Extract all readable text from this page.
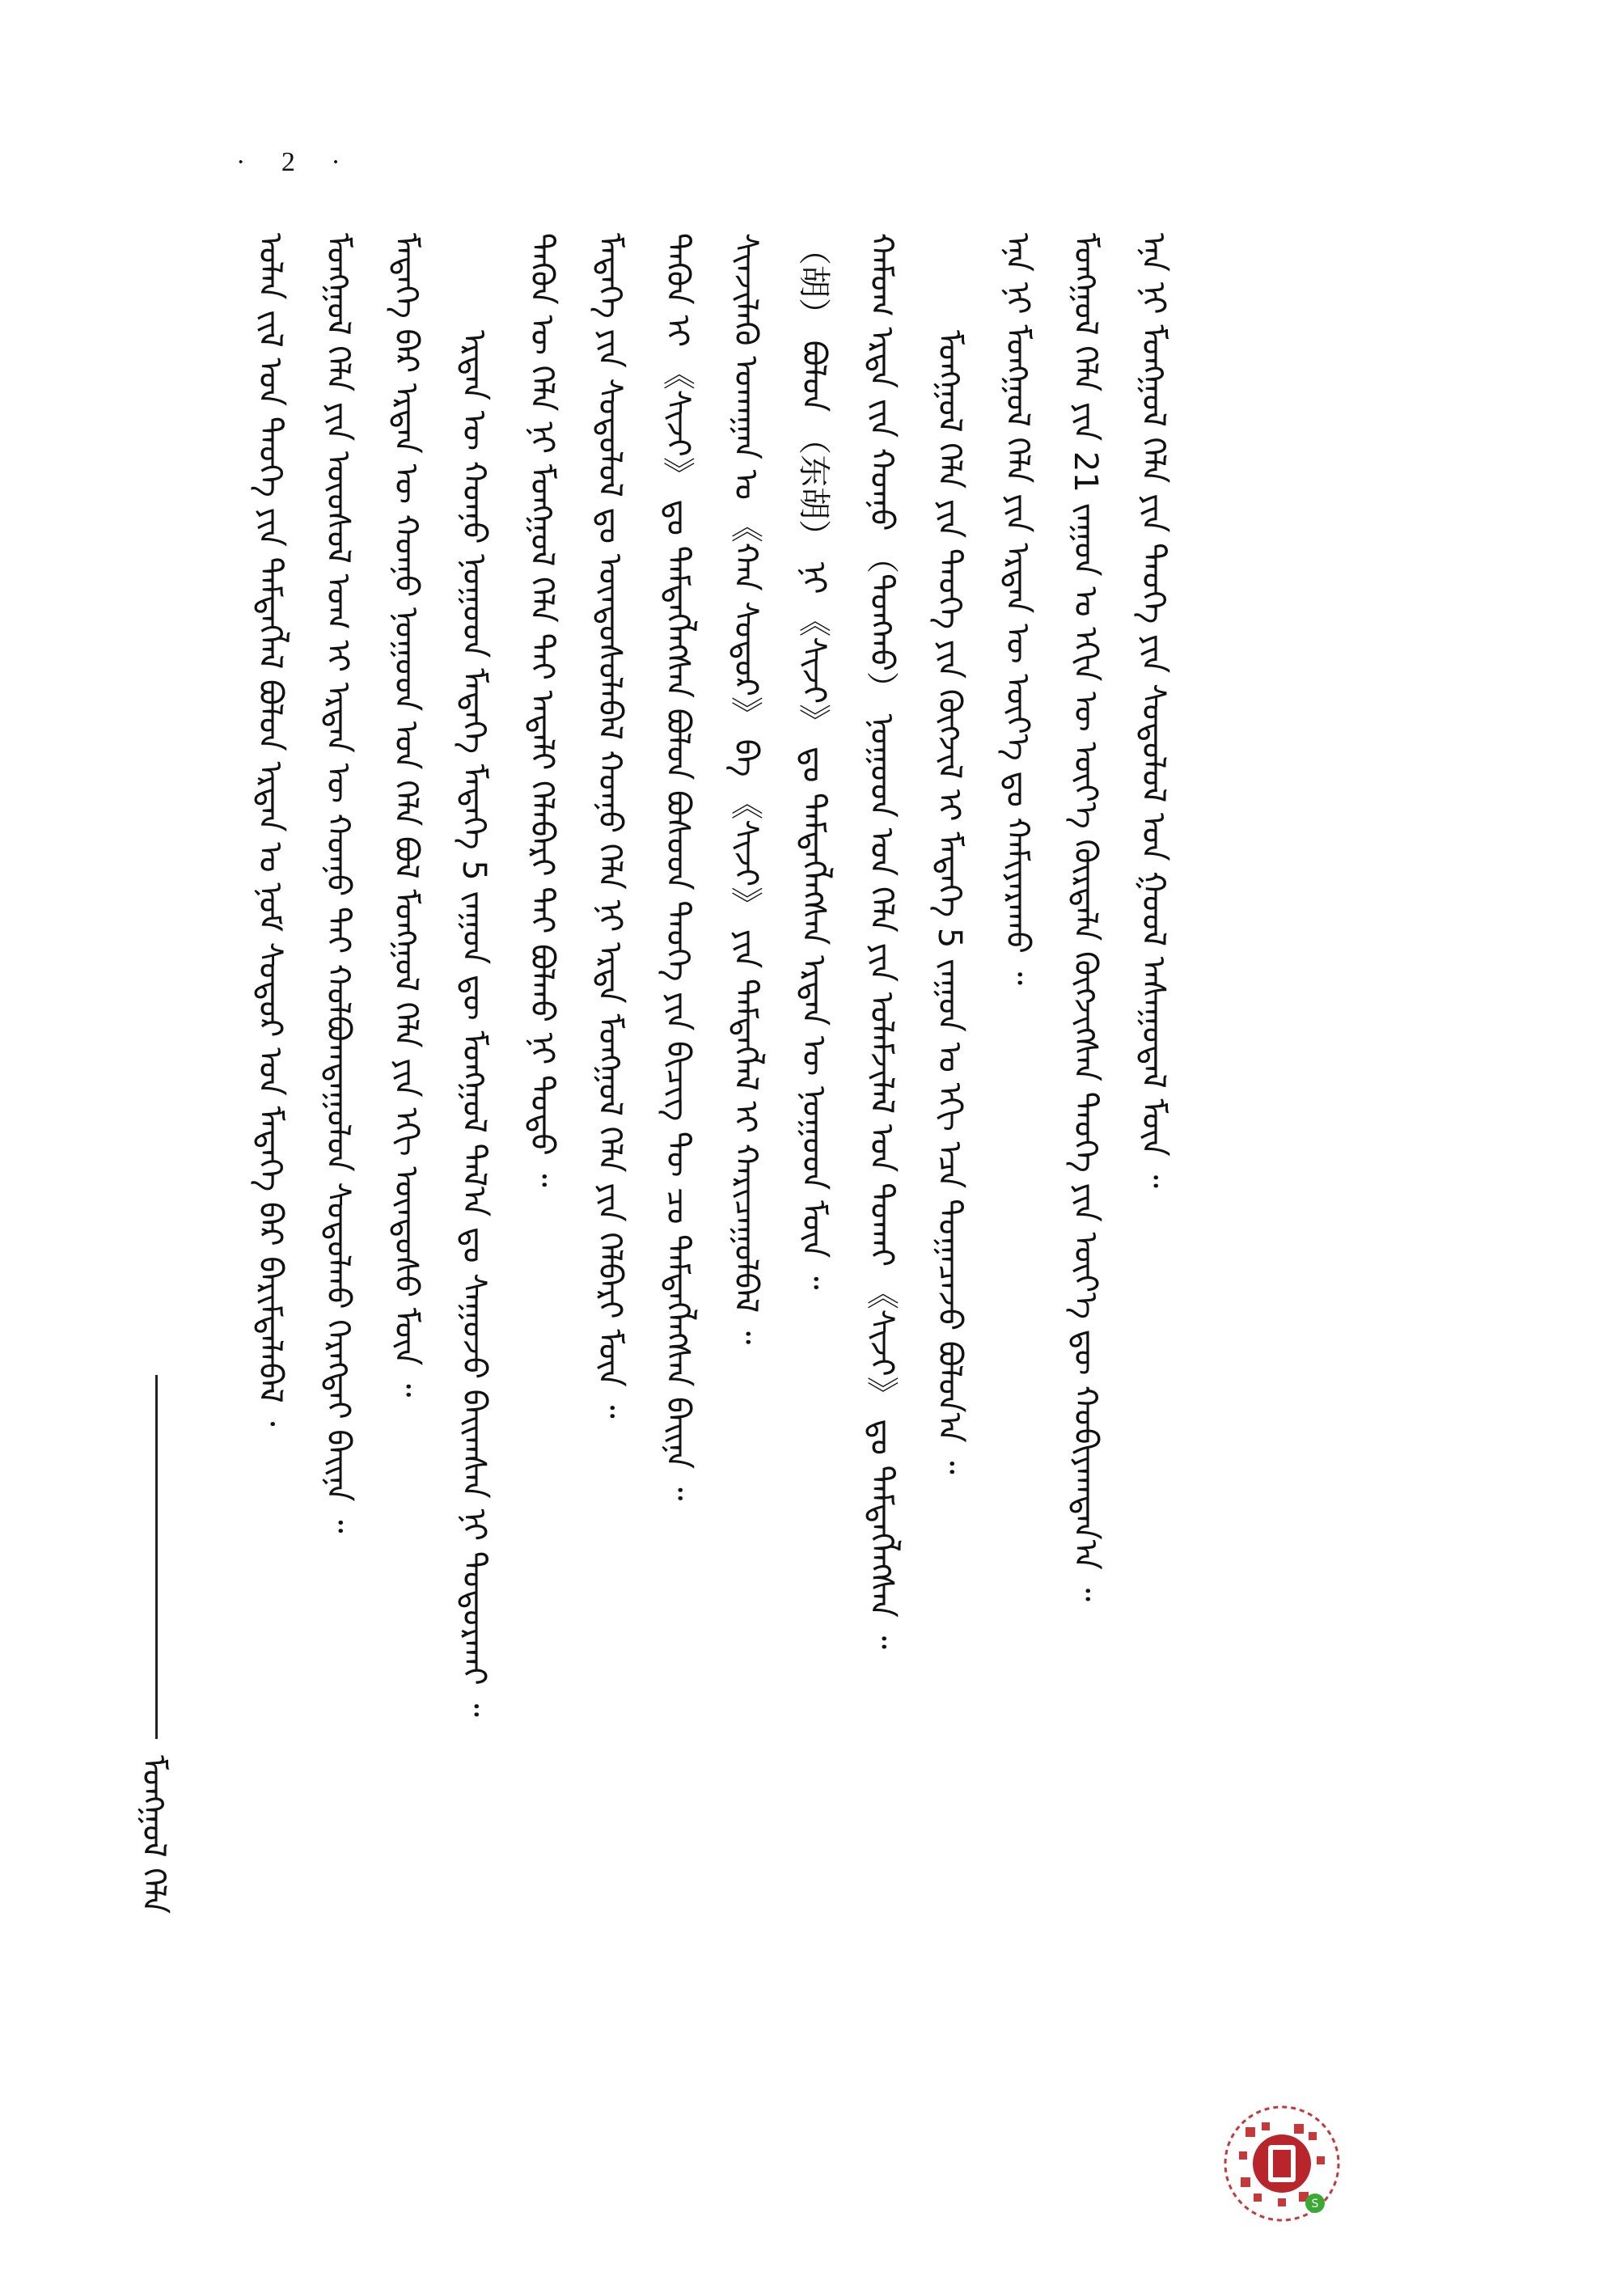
· 2 ·
ᠣᠯᠠᠨ ᠵᠢᠯ ᠤᠨ ᠲᠡᠦᠬᠡ ᠶᠢᠨ ᠲᠡᠮᠳᠡᠭᠯᠡᠯ ᠪᠤᠯᠤᠨ ᠡᠷᠲᠡᠨ ᠤ ᠨᠣᠮ ᠰᠤᠳᠤᠷ ᠤᠨ ᠮᠡᠳᠡᠭᠡ ᠪᠡᠷ ᠪᠠᠷᠢᠮᠲᠠᠯᠠᠪᠠᠯ ᠂ ᠮᠣᠩᠭᠣᠯ ᠬᠡᠯᠡ ᠶᠢᠨ ᠦᠦᠰᠦᠯ ᠤᠭ ᠢ ᠡᠷᠲᠡᠨ ᠦ ᠬᠤᠨᠨᠦ ᠲᠠᠢ ᠬᠣᠯᠪᠣᠭᠳᠠᠭᠤᠯᠤᠨ ᠰᠤᠳᠤᠯᠬᠤ ᠬᠡᠷᠡᠭᠲᠡᠢ ᠪᠠᠢᠨᠠ ᠃ ᠮᠡᠳᠡᠭᠡ ᠪᠠᠷ ᠡᠷᠲᠡᠨ ᠦ ᠬᠤᠨᠨᠦ ᠨᠤᠭᠤᠳ ᠤᠨ ᠬᠡᠯᠡ ᠪᠣᠯ ᠮᠣᠩᠭᠣᠯ ᠬᠡᠯᠡ ᠶᠢᠨ ᠡᠬᠢ ᠦᠨᠳᠦᠰᠦ ᠮᠥᠨ ᠃ ᠡᠷᠲᠡᠨ ᠦ ᠬᠤᠨᠨᠦ ᠨᠤᠭᠤᠳ ᠮᠡᠳᠡᠭᠡ ᠮᠡᠳᠡᠭᠡ 5 ᠵᠠᠭᠤᠨ ᠳᠦ ᠮᠣᠩᠭᠣᠯ ᠲᠠᠯ᠎ᠠ ᠳᠤ ᠰᠠᠭᠤᠵᠤ ᠪᠠᠢᠭᠰᠠᠨ ᠨᠢ ᠲᠣᠳᠣᠷᠬᠠᠢ ᠃ ᠲᠡᠭᠦᠨ ᠦ ᠬᠡᠯᠡ ᠨᠢ ᠮᠣᠩᠭᠣᠯ ᠬᠡᠯᠡ ᠲᠡᠢ ᠠᠳᠠᠯᠢ ᠬᠡᠯᠡᠪᠡᠷᠢ ᠲᠡᠢ ᠪᠣᠯᠬᠣ ᠨᠢ ᠲᠣᠳᠣ ᠃ ᠮᠡᠳᠡᠭᠡ ᠶᠢᠨ ᠰᠤᠳᠤᠯᠤᠯ ᠳᠤ ᠦᠨᠳᠦᠰᠦᠯᠡᠪᠡᠯ ᠬᠤᠨᠨᠦ ᠬᠡᠯᠡ ᠨᠢ ᠡᠷᠲᠡ ᠮᠣᠩᠭᠣᠯ ᠬᠡᠯᠡ ᠶᠢᠨ ᠬᠡᠯᠪᠡᠷᠢ ᠮᠥᠨ ᠃ ᠲᠡᠭᠦᠨ ᠢ 《ᠰᠢᠵᠢ》 ᠳᠤ ᠲᠡᠮᠳᠡᠭᠯᠡᠭᠰᠡᠨ ᠪᠣᠯᠤᠨ ᠪᠤᠰᠤᠳ ᠲᠡᠦᠬᠡ ᠶᠢᠨ ᠪᠢᠴᠢᠭ ᠲᠦ ᠴᠤ ᠲᠡᠮᠳᠡᠭᠯᠡᠭᠰᠡᠨ ᠪᠠᠢᠨᠠ ᠃ ᠰᠢᠨᠵᠢᠯᠡᠬᠦ ᠤᠬᠠᠭᠠᠨ ᠤ 《ᠬᠠᠨ ᠰᠤᠳᠤᠷ》 ᠪᠠ 《ᠰᠢᠵᠢ》 ᠶᠢᠨ ᠲᠡᠮᠳᠡᠭᠯᠡᠯ ᠢ ᠬᠠᠷᠢᠴᠠᠭᠤᠯᠪᠠᠯ ᠃ （胡） ᠪᠣᠯᠤᠨ （东胡） ᠨᠢ 《ᠰᠢᠵᠢ》 ᠳᠤ ᠲᠡᠮᠳᠡᠭᠯᠡᠭᠰᠡᠨ ᠡᠷᠲᠡᠨ ᠦ ᠨᠤᠭᠤᠳ ᠮᠥᠨ ᠃ ᠬᠠᠮᠤᠭ ᠡᠷᠲᠡ ᠵᠢᠨ ᠬᠤᠨᠨᠦ （ᠳᠤᠩᠬᠤ） ᠨᠤᠭᠤᠳ ᠤᠨ ᠬᠡᠯᠡ ᠶᠢᠨ ᠤᠯᠠᠮᠵᠢᠯᠠᠯ ᠤᠨ ᠲᠤᠬᠠᠢ 《ᠰᠢᠵᠢ》 ᠳᠤ ᠲᠡᠮᠳᠡᠭᠯᠡᠭᠰᠡᠨ ᠃ ᠮᠣᠩᠭᠣᠯ ᠬᠡᠯᠡ ᠶᠢᠨ ᠲᠡᠦᠬᠡ ᠶᠢᠨ ᠬᠥᠭᠵᠢᠯ ᠢ ᠮᠡᠳᠡᠭᠡ 5 ᠵᠠᠭᠤᠨ ᠤ ᠡᠬᠢ ᠡᠴᠡ ᠲᠣᠭᠠᠴᠠᠵᠤ ᠪᠣᠯᠣᠨ᠎ᠠ ᠃ ᠡᠨᠡ ᠨᠢ ᠮᠣᠩᠭᠣᠯ ᠬᠡᠯᠡ ᠶᠢᠨ ᠡᠷᠲᠡᠨ ᠦ ᠦᠶ᠎ᠡ ᠳᠤ ᠬᠠᠮᠢᠶᠠᠷᠠᠬᠤ ᠃ ᠮᠣᠩᠭᠣᠯ ᠬᠡᠯᠡ ᠶᠢᠨ 21 ᠵᠠᠭᠤᠨ ᠤ ᠡᠬᠢᠨ ᠦ ᠦᠶ᠎ᠡ ᠬᠦᠷᠲᠡᠯᠡ ᠬᠥᠭᠵᠢᠭᠰᠡᠨ ᠲᠡᠦᠬᠡ ᠶᠢᠨ ᠦᠶ᠎ᠡ ᠳᠦ ᠬᠤᠪᠢᠶᠠᠭᠳᠠᠨ᠎ᠠ ᠃ ᠡᠨᠡ ᠨᠢ ᠮᠣᠩᠭᠣᠯ ᠬᠡᠯᠡ ᠶᠢᠨ ᠲᠡᠦᠬᠡ ᠶᠢᠨ ᠰᠤᠳᠤᠯᠤᠯ ᠤᠨ ᠭᠣᠣᠯ ᠠᠰᠠᠭᠤᠳᠠᠯ ᠮᠥᠨ ᠃
ᠮᠣᠩᠭᠣᠯ ᠬᠡᠯᠡ
S
